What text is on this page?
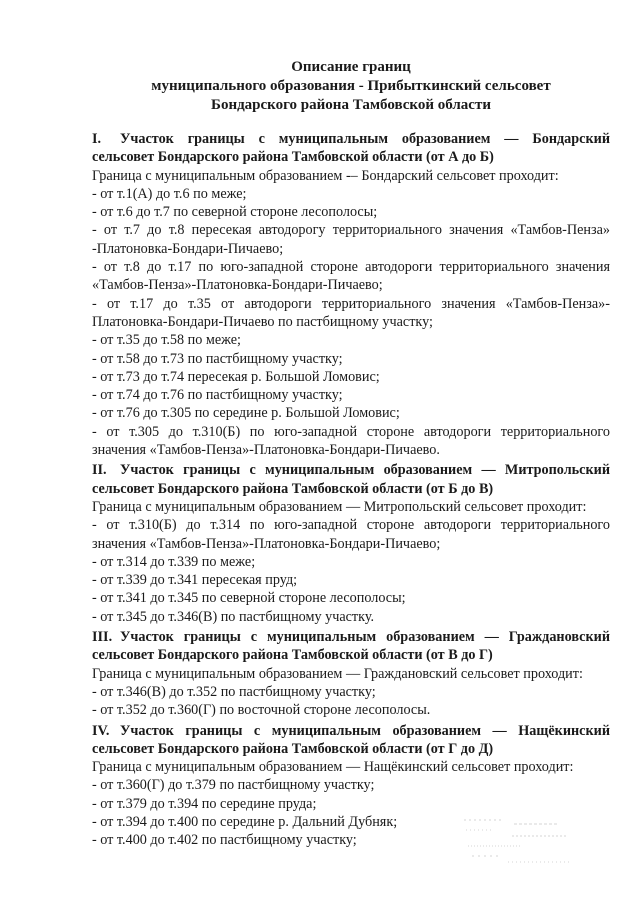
Описание границ
муниципального образования - Прибыткинский сельсовет
Бондарского района Тамбовской области
I. Участок границы с муниципальным образованием — Бондарский сельсовет Бондарского района Тамбовской области (от А до Б)
Граница с муниципальным образованием -– Бондарский сельсовет проходит:
- от т.1(А) до т.6 по меже;
- от т.6 до т.7 по северной стороне лесополосы;
- от т.7 до т.8 пересекая автодорогу территориального значения «Тамбов-Пенза» -Платоновка-Бондари-Пичаево;
- от т.8 до т.17 по юго-западной стороне автодороги территориального значения «Тамбов-Пенза»-Платоновка-Бондари-Пичаево;
- от т.17 до т.35 от автодороги территориального значения «Тамбов-Пенза»-Платоновка-Бондари-Пичаево по пастбищному участку;
- от т.35 до т.58 по меже;
- от т.58 до т.73 по пастбищному участку;
- от т.73 до т.74 пересекая р. Большой Ломовис;
- от т.74 до т.76 по пастбищному участку;
- от т.76 до т.305 по середине р. Большой Ломовис;
- от т.305 до т.310(Б) по юго-западной стороне автодороги территориального значения «Тамбов-Пенза»-Платоновка-Бондари-Пичаево.
II. Участок границы с муниципальным образованием — Митропольский сельсовет Бондарского района Тамбовской области (от Б до В)
Граница с муниципальным образованием — Митропольский сельсовет проходит:
- от т.310(Б) до т.314 по юго-западной стороне автодороги территориального значения «Тамбов-Пенза»-Платоновка-Бондари-Пичаево;
- от т.314 до т.339 по меже;
- от т.339 до т.341 пересекая пруд;
- от т.341 до т.345 по северной стороне лесополосы;
- от т.345 до т.346(В) по пастбищному участку.
III. Участок границы с муниципальным образованием — Граждановский сельсовет Бондарского района Тамбовской области (от В до Г)
Граница с муниципальным образованием — Граждановский сельсовет проходит:
- от т.346(В) до т.352 по пастбищному участку;
- от т.352 до т.360(Г) по восточной стороне лесополосы.
IV. Участок границы с муниципальным образованием — Нащёкинский сельсовет Бондарского района Тамбовской области (от Г до Д)
Граница с муниципальным образованием — Нащёкинский сельсовет проходит:
- от т.360(Г) до т.379 по пастбищному участку;
- от т.379 до т.394 по середине пруда;
- от т.394 до т.400 по середине р. Дальний Дубняк;
- от т.400 до т.402 по пастбищному участку;
